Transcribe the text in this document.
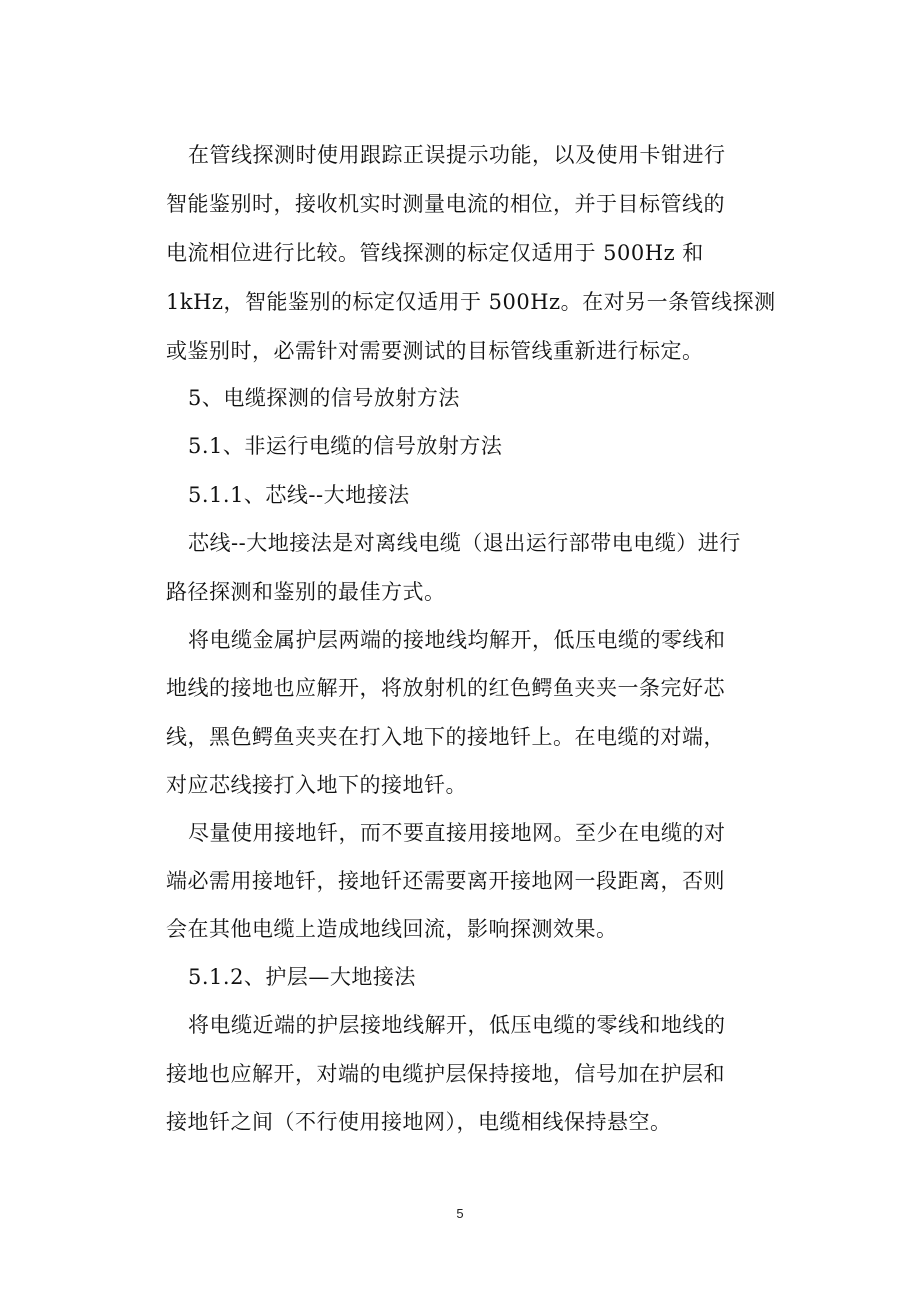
在管线探测时使用跟踪正误提示功能，以及使用卡钳进行
智能鉴别时，接收机实时测量电流的相位，并于目标管线的
电流相位进行比较。管线探测的标定仅适用于 500Hz 和
1kHz，智能鉴别的标定仅适用于 500Hz。在对另一条管线探测
或鉴别时，必需针对需要测试的目标管线重新进行标定。
5、电缆探测的信号放射方法
5.1、非运行电缆的信号放射方法
5.1.1、芯线--大地接法
芯线--大地接法是对离线电缆（退出运行部带电电缆）进行
路径探测和鉴别的最佳方式。
将电缆金属护层两端的接地线均解开，低压电缆的零线和
地线的接地也应解开，将放射机的红色鳄鱼夹夹一条完好芯
线，黑色鳄鱼夹夹在打入地下的接地钎上。在电缆的对端，
对应芯线接打入地下的接地钎。
尽量使用接地钎，而不要直接用接地网。至少在电缆的对
端必需用接地钎，接地钎还需要离开接地网一段距离，否则
会在其他电缆上造成地线回流，影响探测效果。
5.1.2、护层—大地接法
将电缆近端的护层接地线解开，低压电缆的零线和地线的
接地也应解开，对端的电缆护层保持接地，信号加在护层和
接地钎之间（不行使用接地网），电缆相线保持悬空。
5
